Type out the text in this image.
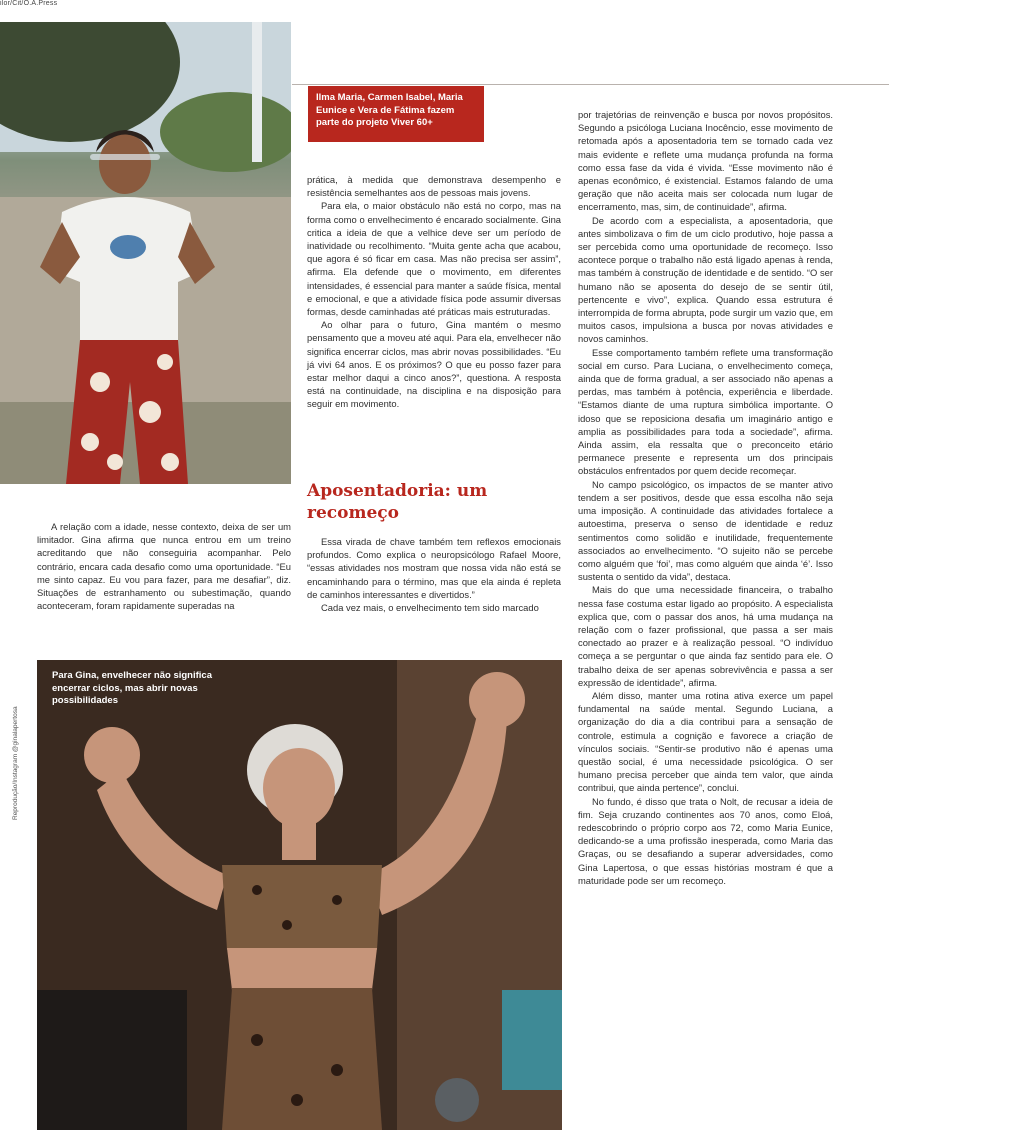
ilor/Cit/O.A.Press

Ilma Maria, Carmen Isabel, Maria Eunice e Vera de Fátima fazem parte do projeto Viver 60+

A relação com a idade, nesse contexto, deixa de ser um limitador. Gina afirma que nunca entrou em um treino acreditando que não conseguiria acompanhar. Pelo contrário, encara cada desafio como uma oportunidade. “Eu me sinto capaz. Eu vou para fazer, para me desafiar”, diz. Situações de estranhamento ou subestimação, quando aconteceram, foram rapidamente superadas na

prática, à medida que demonstrava desempenho e resistência semelhantes aos de pessoas mais jovens.

Para ela, o maior obstáculo não está no corpo, mas na forma como o envelhecimento é encarado socialmente. Gina critica a ideia de que a velhice deve ser um período de inatividade ou recolhimento. “Muita gente acha que acabou, que agora é só ficar em casa. Mas não precisa ser assim”, afirma. Ela defende que o movimento, em diferentes intensidades, é essencial para manter a saúde física, mental e emocional, e que a atividade física pode assumir diversas formas, desde caminhadas até práticas mais estruturadas.

Ao olhar para o futuro, Gina mantém o mesmo pensamento que a moveu até aqui. Para ela, envelhecer não significa encerrar ciclos, mas abrir novas possibilidades. “Eu já vivi 64 anos. E os próximos? O que eu posso fazer para estar melhor daqui a cinco anos?”, questiona. A resposta está na continuidade, na disciplina e na disposição para seguir em movimento.

Aposentadoria: um recomeço

Essa virada de chave também tem reflexos emocionais profundos. Como explica o neuropsicólogo Rafael Moore, “essas atividades nos mostram que nossa vida não está se encaminhando para o término, mas que ela ainda é repleta de caminhos interessantes e divertidos.”

Cada vez mais, o envelhecimento tem sido marcado

por trajetórias de reinvenção e busca por novos propósitos. Segundo a psicóloga Luciana Inocêncio, esse movimento de retomada após a aposentadoria tem se tornado cada vez mais evidente e reflete uma mudança profunda na forma como essa fase da vida é vivida. “Esse movimento não é apenas econômico, é existencial. Estamos falando de uma geração que não aceita mais ser colocada num lugar de encerramento, mas, sim, de continuidade”, afirma.

De acordo com a especialista, a aposentadoria, que antes simbolizava o fim de um ciclo produtivo, hoje passa a ser percebida como uma oportunidade de recomeço. Isso acontece porque o trabalho não está ligado apenas à renda, mas também à construção de identidade e de sentido. “O ser humano não se aposenta do desejo de se sentir útil, pertencente e vivo”, explica. Quando essa estrutura é interrompida de forma abrupta, pode surgir um vazio que, em muitos casos, impulsiona a busca por novas atividades e novos caminhos.

Esse comportamento também reflete uma transformação social em curso. Para Luciana, o envelhecimento começa, ainda que de forma gradual, a ser associado não apenas a perdas, mas também à potência, experiência e liberdade. “Estamos diante de uma ruptura simbólica importante. O idoso que se reposiciona desafia um imaginário antigo e amplia as possibilidades para toda a sociedade”, afirma. Ainda assim, ela ressalta que o preconceito etário permanece presente e representa um dos principais obstáculos enfrentados por quem decide recomeçar.

No campo psicológico, os impactos de se manter ativo tendem a ser positivos, desde que essa escolha não seja uma imposição. A continuidade das atividades fortalece a autoestima, preserva o senso de identidade e reduz sentimentos como solidão e inutilidade, frequentemente associados ao envelhecimento. “O sujeito não se percebe como alguém que ‘foi’, mas como alguém que ainda ‘é’. Isso sustenta o sentido da vida”, destaca.

Mais do que uma necessidade financeira, o trabalho nessa fase costuma estar ligado ao propósito. A especialista explica que, com o passar dos anos, há uma mudança na relação com o fazer profissional, que passa a ser mais conectado ao prazer e à realização pessoal. “O indivíduo começa a se perguntar o que ainda faz sentido para ele. O trabalho deixa de ser apenas sobrevivência e passa a ser expressão de identidade”, afirma.

Além disso, manter uma rotina ativa exerce um papel fundamental na saúde mental. Segundo Luciana, a organização do dia a dia contribui para a sensação de controle, estimula a cognição e favorece a criação de vínculos sociais. “Sentir-se produtivo não é apenas uma questão social, é uma necessidade psicológica. O ser humano precisa perceber que ainda tem valor, que ainda contribui, que ainda pertence”, conclui.

No fundo, é disso que trata o Nolt, de recusar a ideia de fim. Seja cruzando continentes aos 70 anos, como Eloá, redescobrindo o próprio corpo aos 72, como Maria Eunice, dedicando-se a uma profissão inesperada, como Maria das Graças, ou se desafiando a superar adversidades, como Gina Lapertosa, o que essas histórias mostram é que a maturidade pode ser um recomeço.

Reprodução/Instagram @ginalapertosa
Para Gina, envelhecer não significa encerrar ciclos, mas abrir novas possibilidades
